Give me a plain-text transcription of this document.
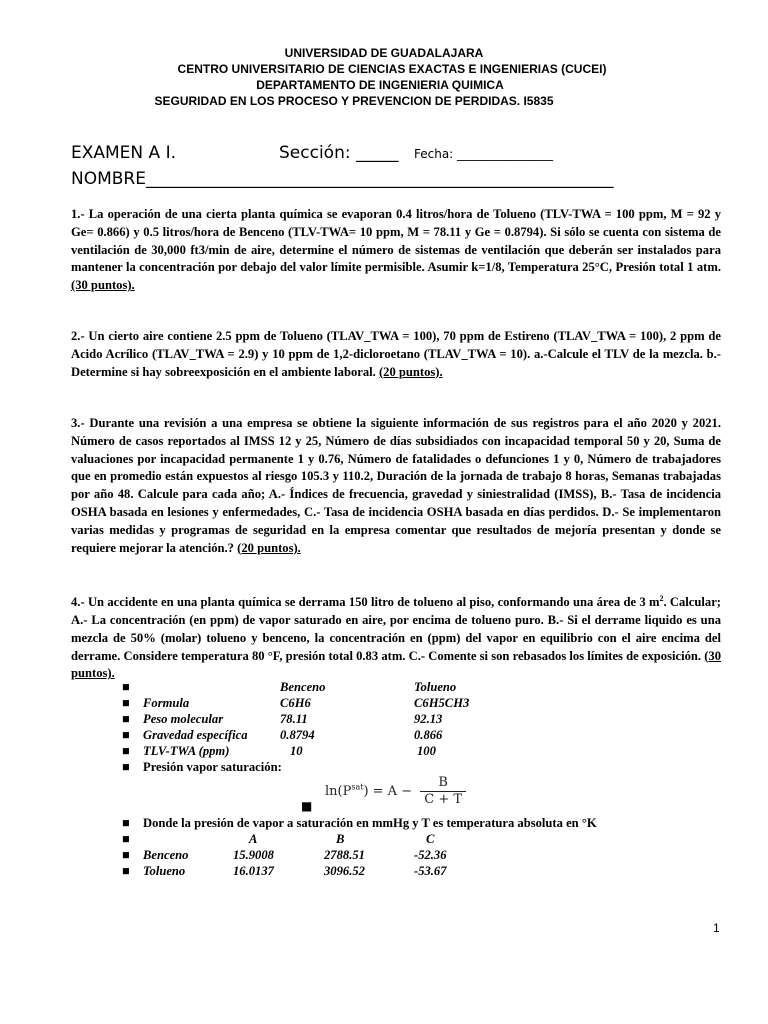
UNIVERSIDAD DE GUADALAJARA
CENTRO UNIVERSITARIO DE CIENCIAS EXACTAS E INGENIERIAS (CUCEI)
DEPARTAMENTO DE INGENIERIA QUIMICA
SEGURIDAD EN LOS PROCESO Y PREVENCION DE PERDIDAS. I5835
EXAMEN A I.	Sección: _____ Fecha: ________________
NOMBRE_______________________________________________________
1.- La operación de una cierta planta química se evaporan 0.4 litros/hora de Tolueno (TLV-TWA = 100 ppm, M = 92 y Ge= 0.866) y 0.5 litros/hora de Benceno (TLV-TWA= 10 ppm, M = 78.11 y Ge = 0.8794). Si sólo se cuenta con sistema de ventilación de 30,000 ft3/min de aire, determine el número de sistemas de ventilación que deberán ser instalados para mantener la concentración por debajo del valor límite permisible. Asumir k=1/8, Temperatura 25°C, Presión total 1 atm. (30 puntos).
2.- Un cierto aire contiene 2.5 ppm de Tolueno (TLAV_TWA = 100), 70 ppm de Estireno (TLAV_TWA = 100), 2 ppm de Acido Acrílico (TLAV_TWA = 2.9) y 10 ppm de 1,2-dicloroetano (TLAV_TWA = 10). a.-Calcule el TLV de la mezcla. b.- Determine si hay sobreexposición en el ambiente laboral. (20 puntos).
3.- Durante una revisión a una empresa se obtiene la siguiente información de sus registros para el año 2020 y 2021. Número de casos reportados al IMSS 12 y 25, Número de días subsidiados con incapacidad temporal 50 y 20, Suma de valuaciones por incapacidad permanente 1 y 0.76, Número de fatalidades o defunciones 1 y 0, Número de trabajadores que en promedio están expuestos al riesgo 105.3 y 110.2, Duración de la jornada de trabajo 8 horas, Semanas trabajadas por año 48. Calcule para cada año; A.- Índices de frecuencia, gravedad y siniestralidad (IMSS), B.- Tasa de incidencia OSHA basada en lesiones y enfermedades, C.- Tasa de incidencia OSHA basada en días perdidos. D.- Se implementaron varias medidas y programas de seguridad en la empresa comentar que resultados de mejoría presentan y donde se requiere mejorar la atención.? (20 puntos).
4.- Un accidente en una planta química se derrama 150 litro de tolueno al piso, conformando una área de 3 $m^2$. Calcular; A.- La concentración (en ppm) de vapor saturado en aire, por encima de tolueno puro. B.- Si el derrame liquido es una mezcla de 50% (molar) tolueno y benceno, la concentración en (ppm) del vapor en equilibrio con el aire encima del derrame. Considere temperatura 80 °F, presión total 0.83 atm. C.- Comente si son rebasados los límites de exposición. (30 puntos).
■	Benceno	Tolueno
■ Formula	C6H6	C6H5CH3
■ Peso molecular	78.11	92.13
■ Gravedad específica	0.8794	0.866
■ TLV-TWA (ppm)	10	100
■ Presión vapor saturación:
$\ln(P^{sat}) = A - \frac{B}{C + T}$
■
■ Donde la presión de vapor a saturación en mmHg y T es temperatura absoluta en °K
■	A	B	C
■ Benceno	15.9008	2788.51	-52.36
■ Tolueno	16.0137	3096.52	-53.67
1
